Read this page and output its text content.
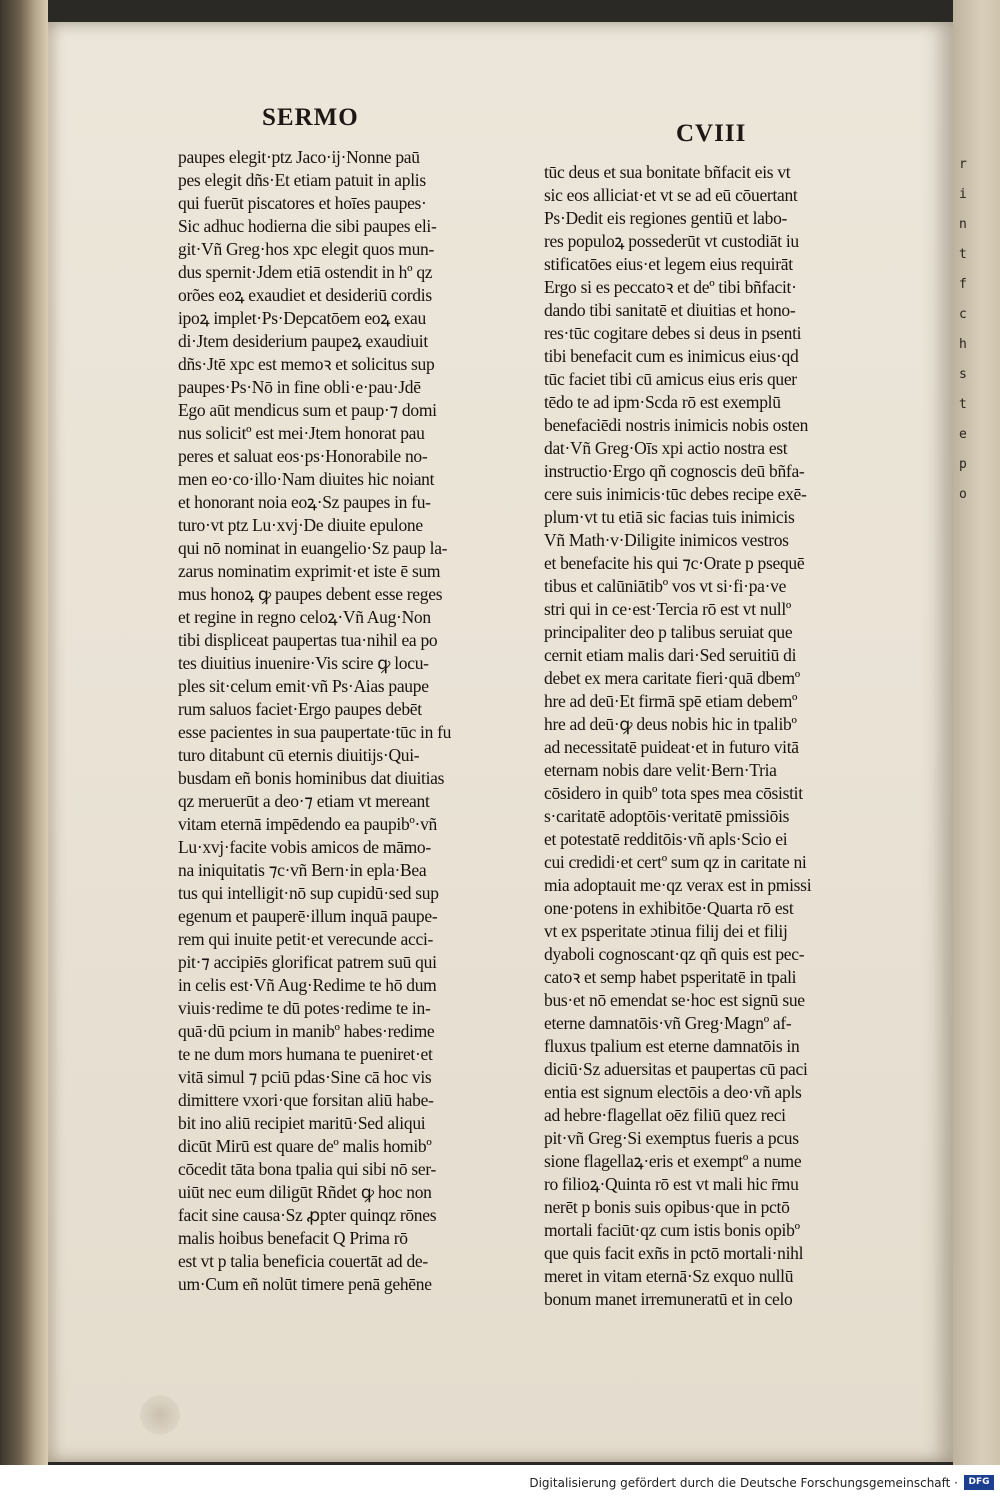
r
i
n
t
f
c
h
s
t
e
p
o
SERMO
CVIII
paupes elegit·ptz Jaco·ij·Nonne paū
pes elegit dñs·Et etiam patuit in aplis
qui fuerūt piscatores et hoīes paupes·
Sic adhuc hodierna die sibi paupes eli-
git·Vñ Greg·hos xpc elegit quos mun-
dus spernit·Jdem etiā ostendit in hº qz
orões eoꝝ exaudiet et desideriū cordis
ipoꝝ implet·Ps·Depcatōem eoꝝ exau
di·Jtem desiderium paupeꝝ exaudiuit
dñs·Jtē xpc est memoꝛ et solicitus sup
paupes·Ps·Nō in fine obli·e·pau·Jdē
Ego aūt mendicus sum et paup·⁊ domi
nus solicitº est mei·Jtem honorat pau
peres et saluat eos·ps·Honorabile no-
men eo·co·illo·Nam diuites hic noiant
et honorant noia eoꝝ·Sz paupes in fu-
turo·vt ptz Lu·xvj·De diuite epulone
qui nō nominat in euangelio·Sz paup la-
zarus nominatim exprimit·et iste ē sum
mus honoꝝ ꝙ paupes debent esse reges
et regine in regno celoꝝ·Vñ Aug·Non
tibi displiceat paupertas tua·nihil ea po
tes diuitius inuenire·Vis scire ꝙ locu-
ples sit·celum emit·vñ Ps·Aias paupe
rum saluos faciet·Ergo paupes debēt
esse pacientes in sua paupertate·tūc in fu
turo ditabunt cū eternis diuitijs·Qui-
busdam eñ bonis hominibus dat diuitias
qz meruerūt a deo·⁊ etiam vt mereant
vitam eternā impēdendo ea paupibº·vñ
Lu·xvj·facite vobis amicos de māmo-
na iniquitatis ⁊c·vñ Bern·in epla·Bea
tus qui intelligit·nō sup cupidū·sed sup
egenum et pauperē·illum inquā paupe-
rem qui inuite petit·et verecunde acci-
pit·⁊ accipiēs glorificat patrem suū qui
in celis est·Vñ Aug·Redime te hō dum
viuis·redime te dū potes·redime te in-
quā·dū pcium in manibº habes·redime
te ne dum mors humana te pueniret·et
vitā simul ⁊ pciū pdas·Sine cā hoc vis
dimittere vxori·que forsitan aliū habe-
bit ino aliū recipiet maritū·Sed aliqui
dicūt Mirū est quare deº malis homibº
cōcedit tāta bona tpalia qui sibi nō ser-
uiūt nec eum diligūt Rñdet ꝙ hoc non
facit sine causa·Sz ꝓpter quinqz rōnes
malis hoibus benefacit Q Prima rō
est vt p talia beneficia couertāt ad de-
um·Cum eñ nolūt timere penā gehēne
tūc deus et sua bonitate bñfacit eis vt
sic eos alliciat·et vt se ad eū cōuertant
Ps·Dedit eis regiones gentiū et labo-
res populoꝝ possederūt vt custodiāt iu
stificatōes eius·et legem eius requirāt
Ergo si es peccatoꝛ et deº tibi bñfacit·
dando tibi sanitatē et diuitias et hono-
res·tūc cogitare debes si deus in psenti
tibi benefacit cum es inimicus eius·qd
tūc faciet tibi cū amicus eius eris quer
tēdo te ad ipm·Scda rō est exemplū
benefaciēdi nostris inimicis nobis osten
dat·Vñ Greg·Oīs xpi actio nostra est
instructio·Ergo qñ cognoscis deū bñfa-
cere suis inimicis·tūc debes recipe exē-
plum·vt tu etiā sic facias tuis inimicis
Vñ Math·v·Diligite inimicos vestros
et benefacite his qui ⁊c·Orate p psequē
tibus et calūniātibº vos vt si·fi·pa·ve
stri qui in ce·est·Tercia rō est vt nullº
principaliter deo p talibus seruiat que
cernit etiam malis dari·Sed seruitiū di
debet ex mera caritate fieri·quā dbemº
hre ad deū·Et firmā spē etiam debemº
hre ad deū·ꝙ deus nobis hic in tpalibº
ad necessitatē puideat·et in futuro vitā
eternam nobis dare velit·Bern·Tria
cōsidero in quibº tota spes mea cōsistit
s·caritatē adoptōis·veritatē pmissiōis
et potestatē redditōis·vñ apls·Scio ei
cui credidi·et certº sum qz in caritate ni
mia adoptauit me·qz verax est in pmissi
one·potens in exhibitōe·Quarta rō est
vt ex psperitate ɔtinua filij dei et filij
dyaboli cognoscant·qz qñ quis est pec-
catoꝛ et semp habet psperitatē in tpali
bus·et nō emendat se·hoc est signū sue
eterne damnatōis·vñ Greg·Magnº af-
fluxus tpalium est eterne damnatōis in
diciū·Sz aduersitas et paupertas cū paci
entia est signum electōis a deo·vñ apls
ad hebre·flagellat oēz filiū quez reci
pit·vñ Greg·Si exemptus fueris a pcus
sione flagellaꝝ·eris et exemptº a nume
ro filioꝝ·Quinta rō est vt mali hic r̄mu
nerēt p bonis suis opibus·que in pctō
mortali faciūt·qz cum istis bonis opibº
que quis facit exñs in pctō mortali·nihl
meret in vitam eternā·Sz exquo nullū
bonum manet irremuneratū et in celo
Digitalisierung gefördert durch die Deutsche Forschungsgemeinschaft ·	DFG
